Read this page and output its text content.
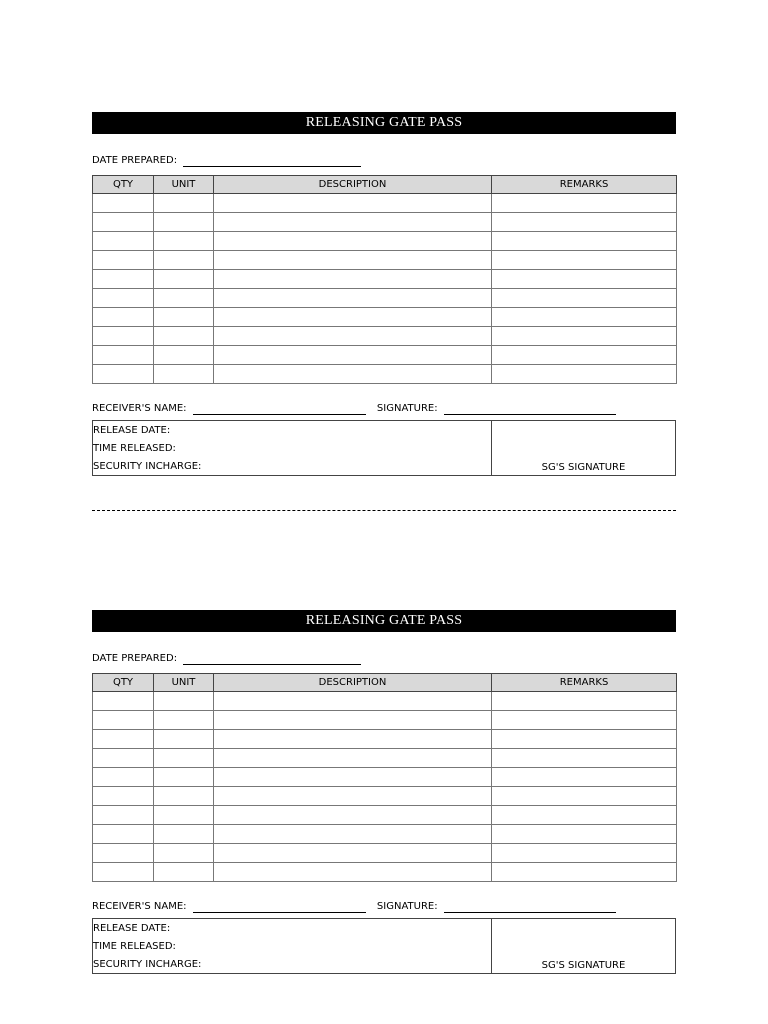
RELEASING GATE PASS
DATE PREPARED:
QTY	UNIT	DESCRIPTION	REMARKS

RECEIVER'S NAME:	SIGNATURE:
RELEASE DATE:
TIME RELEASED:
SECURITY INCHARGE:	SG'S SIGNATURE
RELEASING GATE PASS
DATE PREPARED:
QTY	UNIT	DESCRIPTION	REMARKS

RECEIVER'S NAME:	SIGNATURE:
RELEASE DATE:
TIME RELEASED:
SECURITY INCHARGE:	SG'S SIGNATURE
